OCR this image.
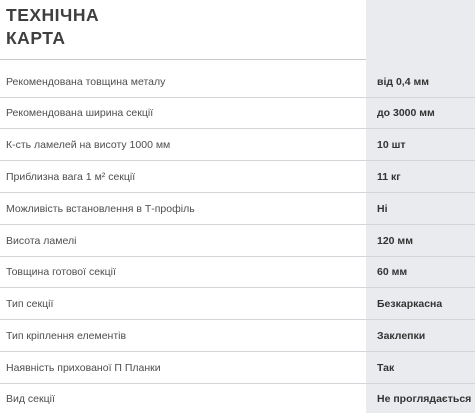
ТЕХНІЧНА
КАРТА
Рекомендована товщина металу	від 0,4 мм
Рекомендована ширина секції	до 3000 мм
К-сть ламелей на висоту 1000 мм	10 шт
Приблизна вага 1 м² секції	11 кг
Можливість встановлення в Т-профіль	Ні
Висота ламелі	120 мм
Товщина готової секції	60 мм
Тип секції	Безкаркасна
Тип кріплення елементів	Заклепки
Наявність прихованої П Планки	Так
Вид секції	Не проглядається
